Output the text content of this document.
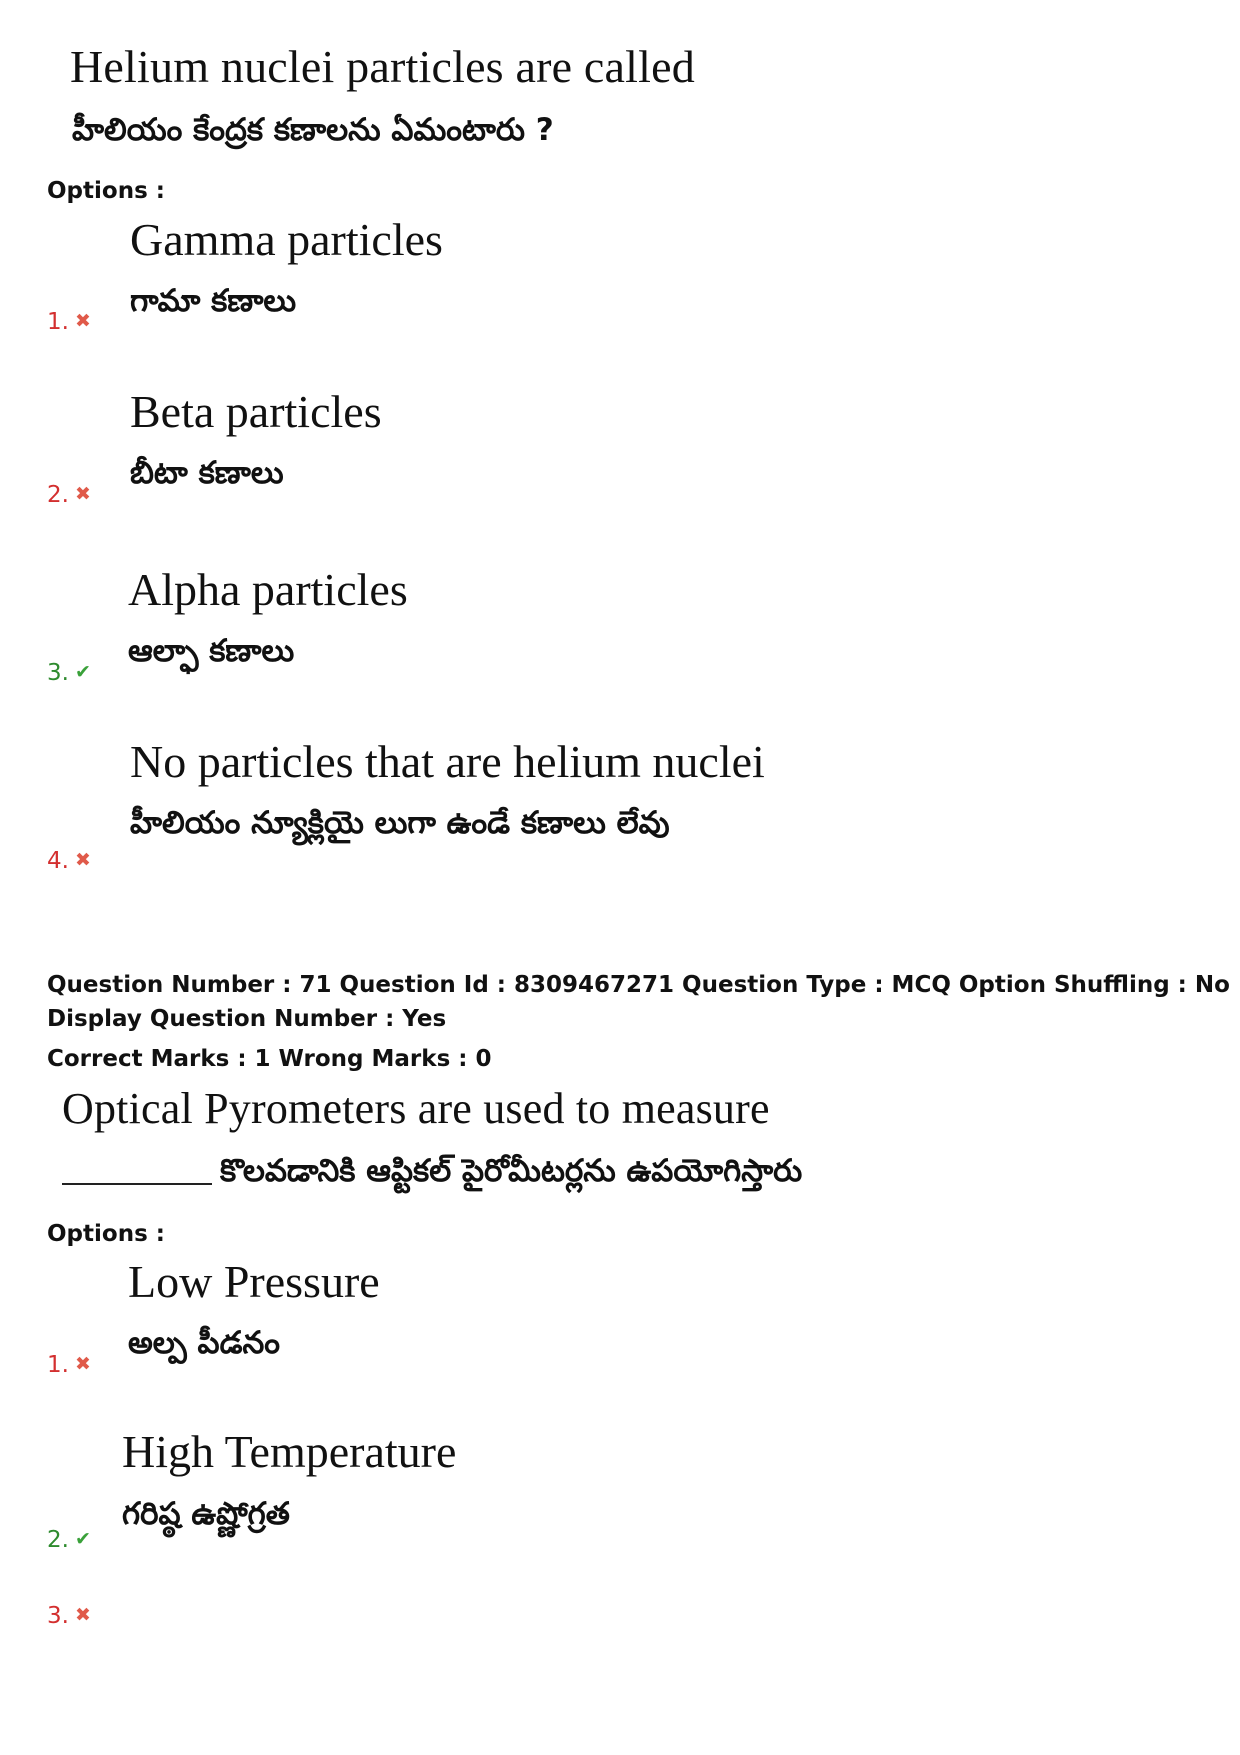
Helium nuclei particles are called
హీలియం కేంద్రక కణాలను ఏమంటారు ?
Options :
Gamma particles
గామా కణాలు
1. ✖
Beta particles
బీటా కణాలు
2. ✖
Alpha particles
ఆల్ఫా కణాలు
3. ✔
No particles that are helium nuclei
హీలియం న్యూక్లియై లుగా ఉండే కణాలు లేవు
4. ✖
Question Number : 71 Question Id : 8309467271 Question Type : MCQ Option Shuffling : No
Display Question Number : Yes
Correct Marks : 1 Wrong Marks : 0
Optical Pyrometers are used to measure
కొలవడానికి ఆప్టికల్ పైరోమీటర్లను ఉపయోగిస్తారు
Options :
Low Pressure
అల్ప పీడనం
1. ✖
High Temperature
గరిష్ఠ ఉష్ణోగ్రత
2. ✔
3. ✖
